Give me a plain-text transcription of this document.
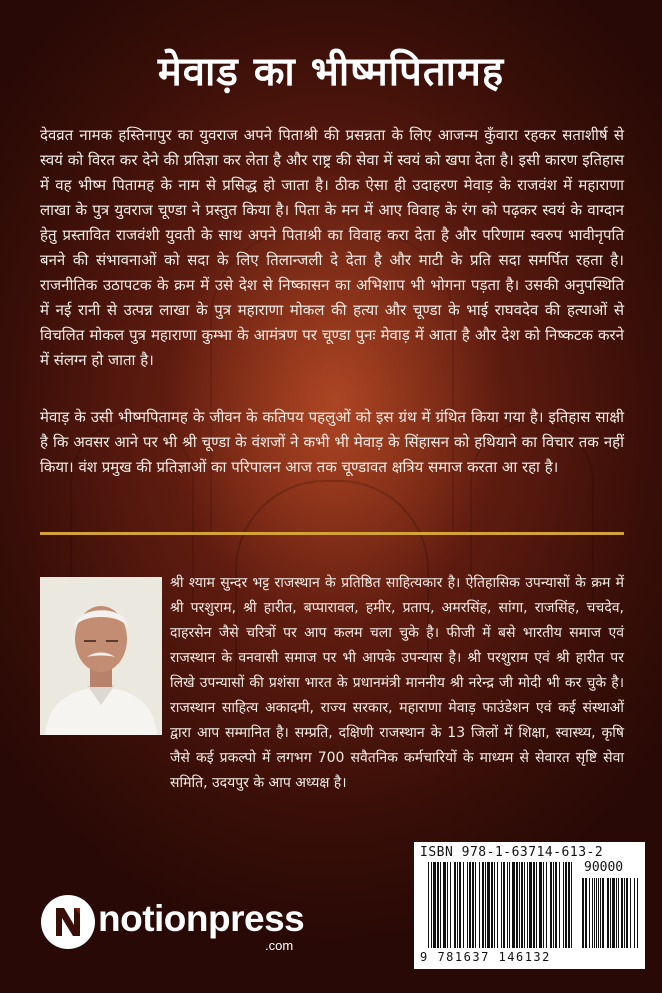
मेवाड़ का भीष्मपितामह

देवव्रत नामक हस्तिनापुर का युवराज अपने पिताश्री की प्रसन्नता के लिए आजन्म कुँवारा रहकर सताशीर्ष से स्वयं को विरत कर देने की प्रतिज्ञा कर लेता है और राष्ट्र की सेवा में स्वयं को खपा देता है। इसी कारण इतिहास में वह भीष्म पितामह के नाम से प्रसिद्ध हो जाता है। ठीक ऐसा ही उदाहरण मेवाड़ के राजवंश में महाराणा लाखा के पुत्र युवराज चूण्डा ने प्रस्तुत किया है। पिता के मन में आए विवाह के रंग को पढ़कर स्वयं के वाग्दान हेतु प्रस्तावित राजवंशी युवती के साथ अपने पिताश्री का विवाह करा देता है और परिणाम स्वरुप भावीनृपति बनने की संभावनाओं को सदा के लिए तिलान्जली दे देता है और माटी के प्रति सदा समर्पित रहता है। राजनीतिक उठापटक के क्रम में उसे देश से निष्कासन का अभिशाप भी भोगना पड़ता है। उसकी अनुपस्थिति में नई रानी से उत्पन्न लाखा के पुत्र महाराणा मोकल की हत्या और चूण्डा के भाई राघवदेव की हत्याओं से विचलित मोकल पुत्र महाराणा कुम्भा के आमंत्रण पर चूण्डा पुनः मेवाड़ में आता है और देश को निष्कटक करने में संलग्न हो जाता है।

मेवाड़ के उसी भीष्मपितामह के जीवन के कतिपय पहलुओं को इस ग्रंथ में ग्रंथित किया गया है। इतिहास साक्षी है कि अवसर आने पर भी श्री चूण्डा के वंशजों ने कभी भी मेवाड़ के सिंहासन को हथियाने का विचार तक नहीं किया। वंश प्रमुख की प्रतिज्ञाओं का परिपालन आज तक चूण्डावत क्षत्रिय समाज करता आ रहा है।

श्री श्याम सुन्दर भट्ट राजस्थान के प्रतिष्ठित साहित्यकार है। ऐतिहासिक उपन्यासों के क्रम में श्री परशुराम, श्री हारीत, बप्पारावल, हमीर, प्रताप, अमरसिंह, सांगा, राजसिंह, चचदेव, दाहरसेन जैसे चरित्रों पर आप कलम चला चुके है। फीजी में बसे भारतीय समाज एवं राजस्थान के वनवासी समाज पर भी आपके उपन्यास है। श्री परशुराम एवं श्री हारीत पर लिखे उपन्यासों की प्रशंसा भारत के प्रधानमंत्री माननीय श्री नरेन्द्र जी मोदी भी कर चुके है। राजस्थान साहित्य अकादमी, राज्य सरकार, महाराणा मेवाड़ फाउंडेशन एवं कई संस्थाओं द्वारा आप सम्मानित है। सम्प्रति, दक्षिणी राजस्थान के 13 जिलों में शिक्षा, स्वास्थ्य, कृषि जैसे कई प्रकल्पो में लगभग 700 सवैतनिक कर्मचारियों के माध्यम से सेवारत सृष्टि सेवा समिति, उदयपुर के आप अध्यक्ष है।

ISBN 978-1-63714-613-2
90000
9 781637 146132
notionpress
.com
